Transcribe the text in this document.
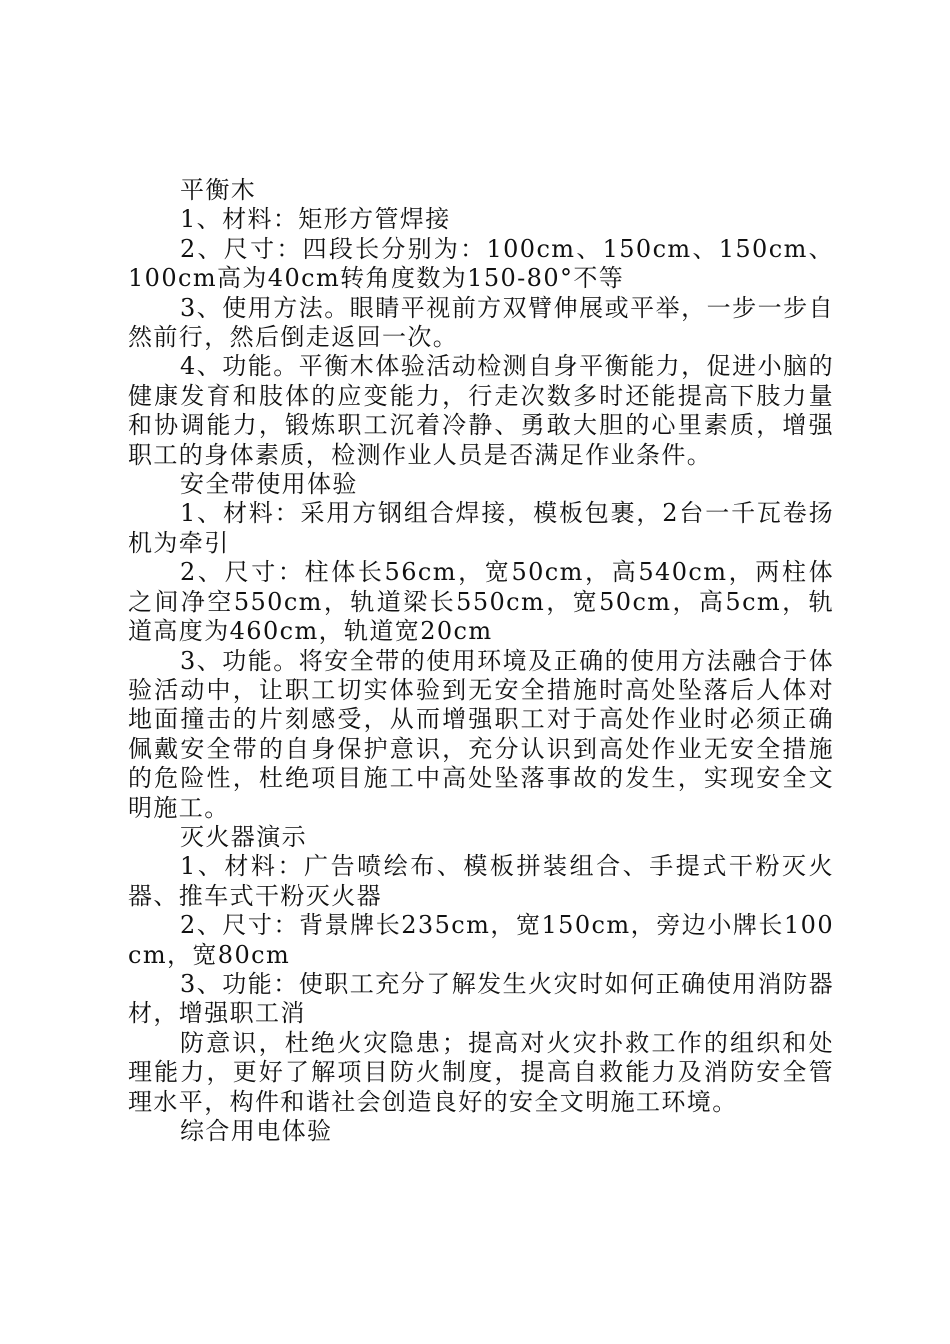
平衡木

1、材料：矩形方管焊接

2、尺寸：四段长分别为：100cm、150cm、150cm、100cm高为40cm转角度数为150-80°不等

3、使用方法。眼睛平视前方双臂伸展或平举，一步一步自然前行，然后倒走返回一次。

4、功能。平衡木体验活动检测自身平衡能力，促进小脑的健康发育和肢体的应变能力，行走次数多时还能提高下肢力量和协调能力，锻炼职工沉着冷静、勇敢大胆的心里素质，增强职工的身体素质，检测作业人员是否满足作业条件。

安全带使用体验

1、材料：采用方钢组合焊接，模板包裹，2台一千瓦卷扬机为牵引

2、尺寸：柱体长56cm，宽50cm，高540cm，两柱体之间净空550cm，轨道梁长550cm，宽50cm，高5cm，轨道高度为460cm，轨道宽20cm

3、功能。将安全带的使用环境及正确的使用方法融合于体验活动中，让职工切实体验到无安全措施时高处坠落后人体对地面撞击的片刻感受，从而增强职工对于高处作业时必须正确佩戴安全带的自身保护意识，充分认识到高处作业无安全措施的危险性，杜绝项目施工中高处坠落事故的发生，实现安全文明施工。

灭火器演示

1、材料：广告喷绘布、模板拼装组合、手提式干粉灭火器、推车式干粉灭火器

2、尺寸：背景牌长235cm，宽150cm，旁边小牌长100cm，宽80cm

3、功能：使职工充分了解发生火灾时如何正确使用消防器材，增强职工消

防意识，杜绝火灾隐患；提高对火灾扑救工作的组织和处理能力，更好了解项目防火制度，提高自救能力及消防安全管理水平，构件和谐社会创造良好的安全文明施工环境。

综合用电体验
